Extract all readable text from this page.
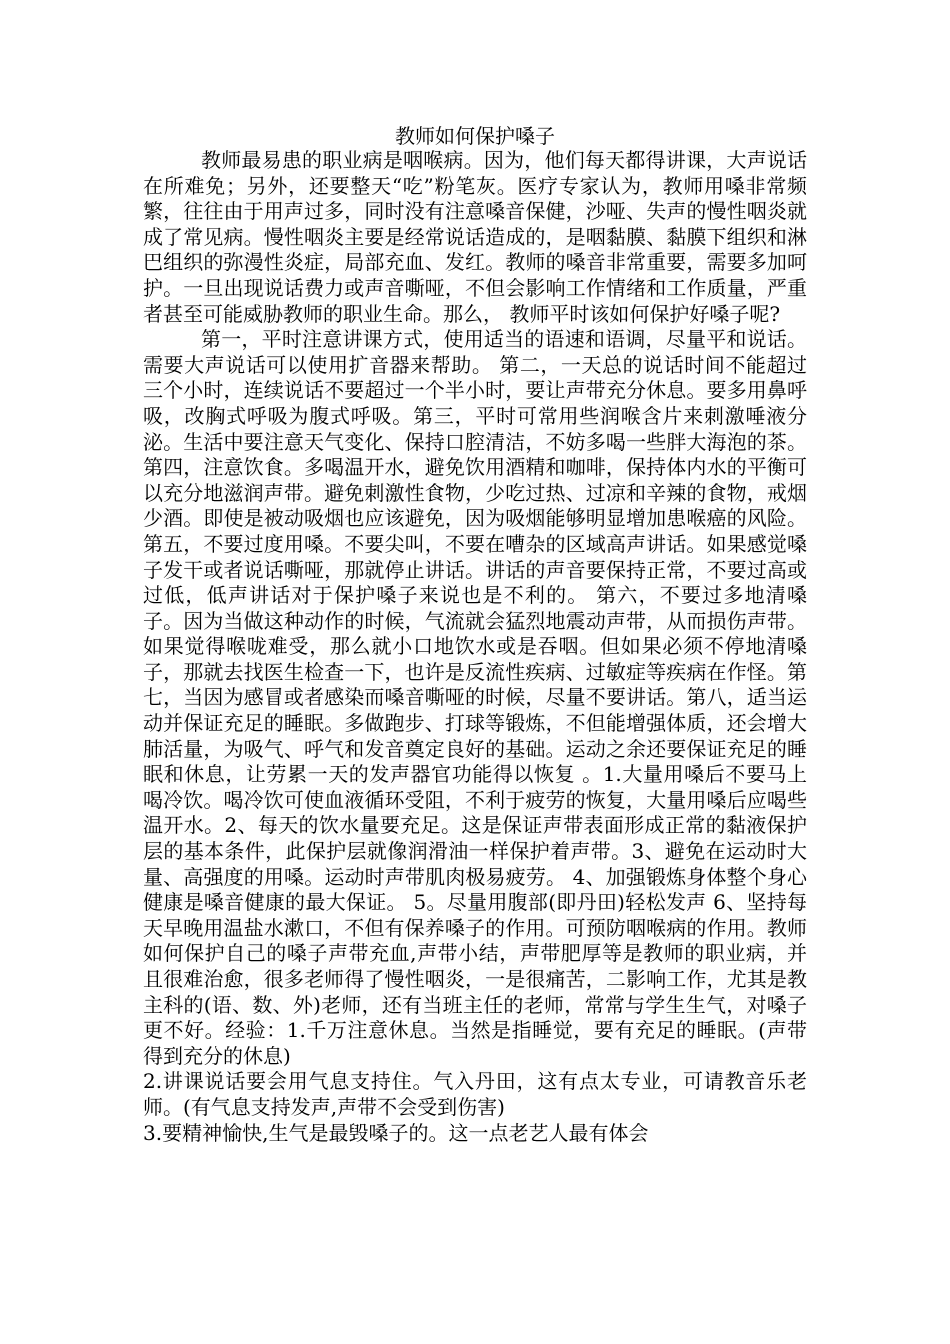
教师如何保护嗓子

教师最易患的职业病是咽喉病。因为，他们每天都得讲课，大声说话在所难免；另外，还要整天“吃”粉笔灰。医疗专家认为，教师用嗓非常频繁，往往由于用声过多，同时没有注意嗓音保健，沙哑、失声的慢性咽炎就成了常见病。慢性咽炎主要是经常说话造成的，是咽黏膜、黏膜下组织和淋巴组织的弥漫性炎症，局部充血、发红。教师的嗓音非常重要，需要多加呵护。一旦出现说话费力或声音嘶哑，不但会影响工作情绪和工作质量，严重者甚至可能威胁教师的职业生命。那么， 教师平时该如何保护好嗓子呢?

第一，平时注意讲课方式，使用适当的语速和语调，尽量平和说话。需要大声说话可以使用扩音器来帮助。 第二，一天总的说话时间不能超过三个小时，连续说话不要超过一个半小时，要让声带充分休息。要多用鼻呼吸，改胸式呼吸为腹式呼吸。第三，平时可常用些润喉含片来刺激唾液分泌。生活中要注意天气变化、保持口腔清洁，不妨多喝一些胖大海泡的茶。第四，注意饮食。多喝温开水，避免饮用酒精和咖啡，保持体内水的平衡可以充分地滋润声带。避免刺激性食物，少吃过热、过凉和辛辣的食物，戒烟少酒。即使是被动吸烟也应该避免，因为吸烟能够明显增加患喉癌的风险。第五，不要过度用嗓。不要尖叫，不要在嘈杂的区域高声讲话。如果感觉嗓子发干或者说话嘶哑，那就停止讲话。讲话的声音要保持正常，不要过高或过低，低声讲话对于保护嗓子来说也是不利的。 第六，不要过多地清嗓子。因为当做这种动作的时候，气流就会猛烈地震动声带，从而损伤声带。如果觉得喉咙难受，那么就小口地饮水或是吞咽。但如果必须不停地清嗓子，那就去找医生检查一下，也许是反流性疾病、过敏症等疾病在作怪。第七，当因为感冒或者感染而嗓音嘶哑的时候，尽量不要讲话。第八，适当运动并保证充足的睡眠。多做跑步、打球等锻炼，不但能增强体质，还会增大肺活量，为吸气、呼气和发音奠定良好的基础。运动之余还要保证充足的睡眠和休息，让劳累一天的发声器官功能得以恢复 。1.大量用嗓后不要马上喝冷饮。喝冷饮可使血液循环受阻，不利于疲劳的恢复，大量用嗓后应喝些温开水。2、每天的饮水量要充足。这是保证声带表面形成正常的黏液保护层的基本条件，此保护层就像润滑油一样保护着声带。3、避免在运动时大量、高强度的用嗓。运动时声带肌肉极易疲劳。 4、加强锻炼身体整个身心健康是嗓音健康的最大保证。 5。尽量用腹部(即丹田)轻松发声 6、坚持每天早晚用温盐水漱口，不但有保养嗓子的作用。可预防咽喉病的作用。教师如何保护自己的嗓子声带充血,声带小结，声带肥厚等是教师的职业病，并且很难治愈，很多老师得了慢性咽炎，一是很痛苦，二影响工作，尤其是教主科的(语、数、外)老师，还有当班主任的老师，常常与学生生气，对嗓子更不好。经验：1.千万注意休息。当然是指睡觉，要有充足的睡眠。(声带得到充分的休息)

2.讲课说话要会用气息支持住。气入丹田，这有点太专业，可请教音乐老师。(有气息支持发声,声带不会受到伤害)

3.要精神愉快,生气是最毁嗓子的。这一点老艺人最有体会
